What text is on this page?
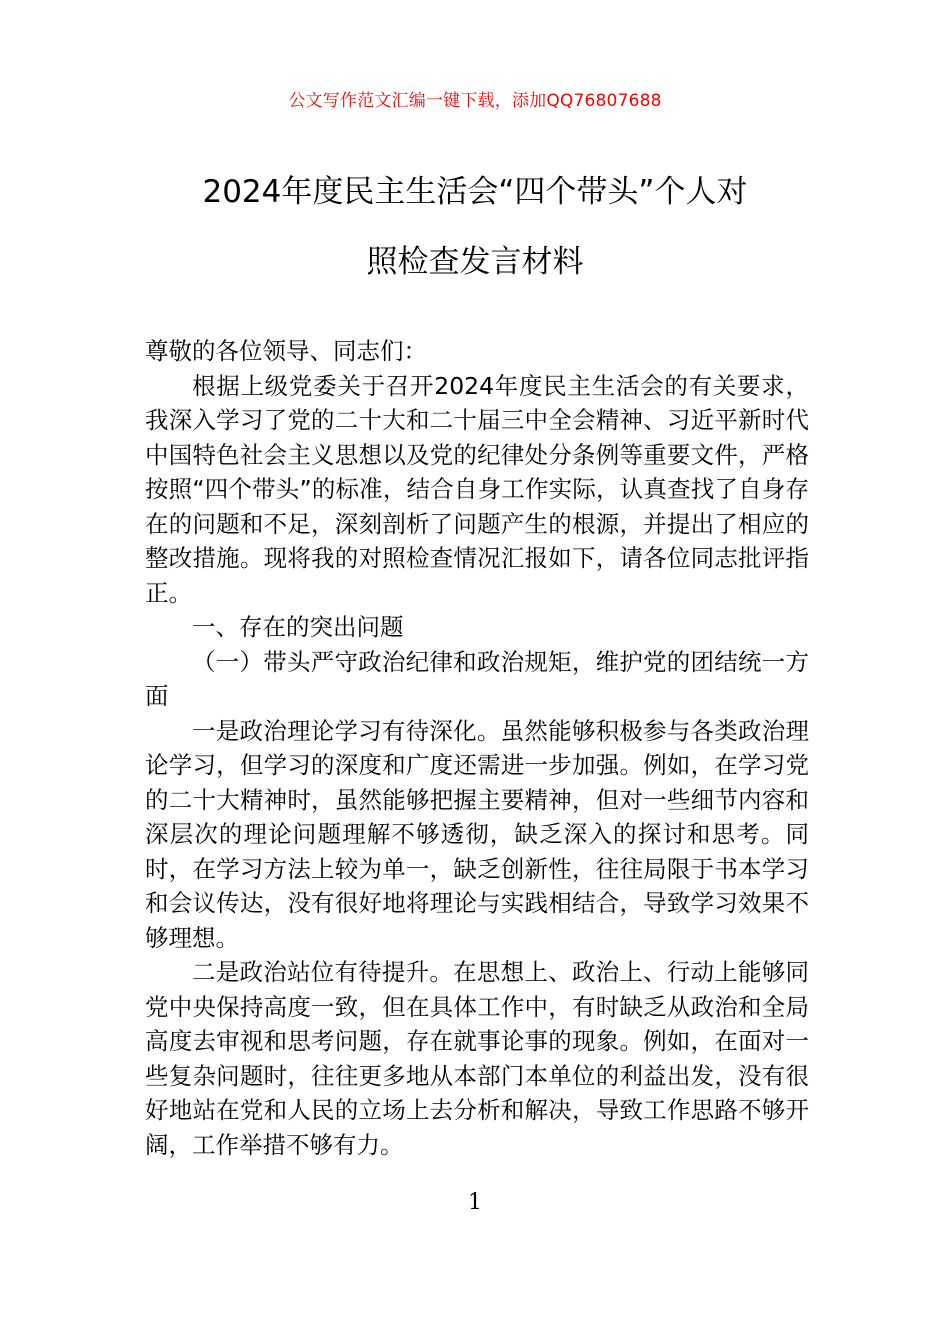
公文写作范文汇编一键下载，添加QQ76807688
2024年度民主生活会“四个带头”个人对
照检查发言材料

尊敬的各位领导、同志们：

根据上级党委关于召开2024年度民主生活会的有关要求，我深入学习了党的二十大和二十届三中全会精神、习近平新时代中国特色社会主义思想以及党的纪律处分条例等重要文件，严格按照“四个带头”的标准，结合自身工作实际，认真查找了自身存在的问题和不足，深刻剖析了问题产生的根源，并提出了相应的整改措施。现将我的对照检查情况汇报如下，请各位同志批评指正。

一、存在的突出问题

（一）带头严守政治纪律和政治规矩，维护党的团结统一方面

一是政治理论学习有待深化。虽然能够积极参与各类政治理论学习，但学习的深度和广度还需进一步加强。例如，在学习党的二十大精神时，虽然能够把握主要精神，但对一些细节内容和深层次的理论问题理解不够透彻，缺乏深入的探讨和思考。同时，在学习方法上较为单一，缺乏创新性，往往局限于书本学习和会议传达，没有很好地将理论与实践相结合，导致学习效果不够理想。

二是政治站位有待提升。在思想上、政治上、行动上能够同党中央保持高度一致，但在具体工作中，有时缺乏从政治和全局高度去审视和思考问题，存在就事论事的现象。例如，在面对一些复杂问题时，往往更多地从本部门本单位的利益出发，没有很好地站在党和人民的立场上去分析和解决，导致工作思路不够开阔，工作举措不够有力。

1
